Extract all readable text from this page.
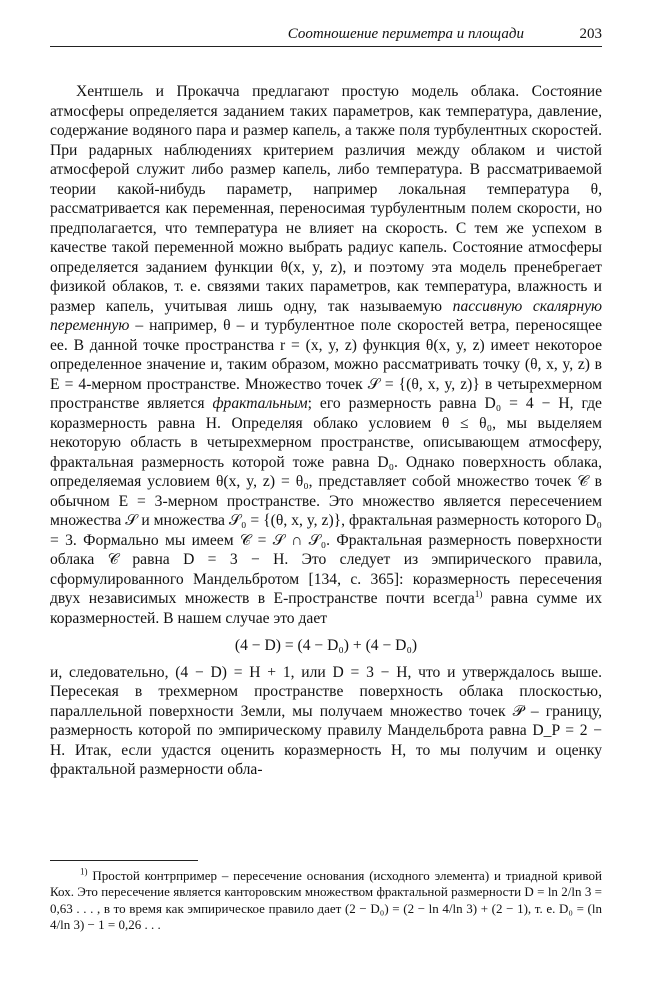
Соотношение периметра и площади	203

Хентшель и Прокачча предлагают простую модель облака. Состояние атмосферы определяется заданием таких параметров, как температура, давление, содержание водяного пара и размер капель, а также поля турбулентных скоростей. При радарных наблюдениях критерием различия между облаком и чистой атмосферой служит либо размер капель, либо температура. В рассматриваемой теории какой-нибудь параметр, например локальная температура θ, рассматривается как переменная, переносимая турбулентным полем скорости, но предполагается, что температура не влияет на скорость. С тем же успехом в качестве такой переменной можно выбрать радиус капель. Состояние атмосферы определяется заданием функции θ(x, y, z), и поэтому эта модель пренебрегает физикой облаков, т. е. связями таких параметров, как температура, влажность и размер капель, учитывая лишь одну, так называемую пассивную скалярную переменную – например, θ – и турбулентное поле скоростей ветра, переносящее ее. В данной точке пространства r = (x, y, z) функция θ(x, y, z) имеет некоторое определенное значение и, таким образом, можно рассматривать точку (θ, x, y, z) в E = 4-мерном пространстве. Множество точек 𝒮 = {(θ, x, y, z)} в четырехмерном пространстве является фрактальным; его размерность равна D₀ = 4 − H, где коразмерность равна H. Определяя облако условием θ ≤ θ₀, мы выделяем некоторую область в четырехмерном пространстве, описывающем атмосферу, фрактальная размерность которой тоже равна D₀. Однако поверхность облака, определяемая условием θ(x, y, z) = θ₀, представляет собой множество точек 𝒞 в обычном E = 3-мерном пространстве. Это множество является пересечением множества 𝒮 и множества 𝒮₀ = {(θ, x, y, z)}, фрактальная размерность которого D₀ = 3. Формально мы имеем 𝒞 = 𝒮 ∩ 𝒮₀. Фрактальная размерность поверхности облака 𝒞 равна D = 3 − H. Это следует из эмпирического правила, сформулированного Мандельбротом [134, с. 365]: коразмерность пересечения двух независимых множеств в E-пространстве почти всегда$^{1)}$ равна сумме их коразмерностей. В нашем случае это дает

(4 − D) = (4 − D₀) + (4 − D₀)

и, следовательно, (4 − D) = H + 1, или D = 3 − H, что и утверждалось выше. Пересекая в трехмерном пространстве поверхность облака плоскостью, параллельной поверхности Земли, мы получаем множество точек 𝒫 – границу, размерность которой по эмпирическому правилу Мандельброта равна D_P = 2 − H. Итак, если удастся оценить коразмерность H, то мы получим и оценку фрактальной размерности обла-

$^{1)}$ Простой контрпример – пересечение основания (исходного элемента) и триадной кривой Кох. Это пересечение является канторовским множеством фрактальной размерности D = ln 2/ln 3 = 0,63 . . . , в то время как эмпирическое правило дает (2 − D₀) = (2 − ln 4/ln 3) + (2 − 1), т. е. D₀ = (ln 4/ln 3) − 1 = 0,26 . . .
